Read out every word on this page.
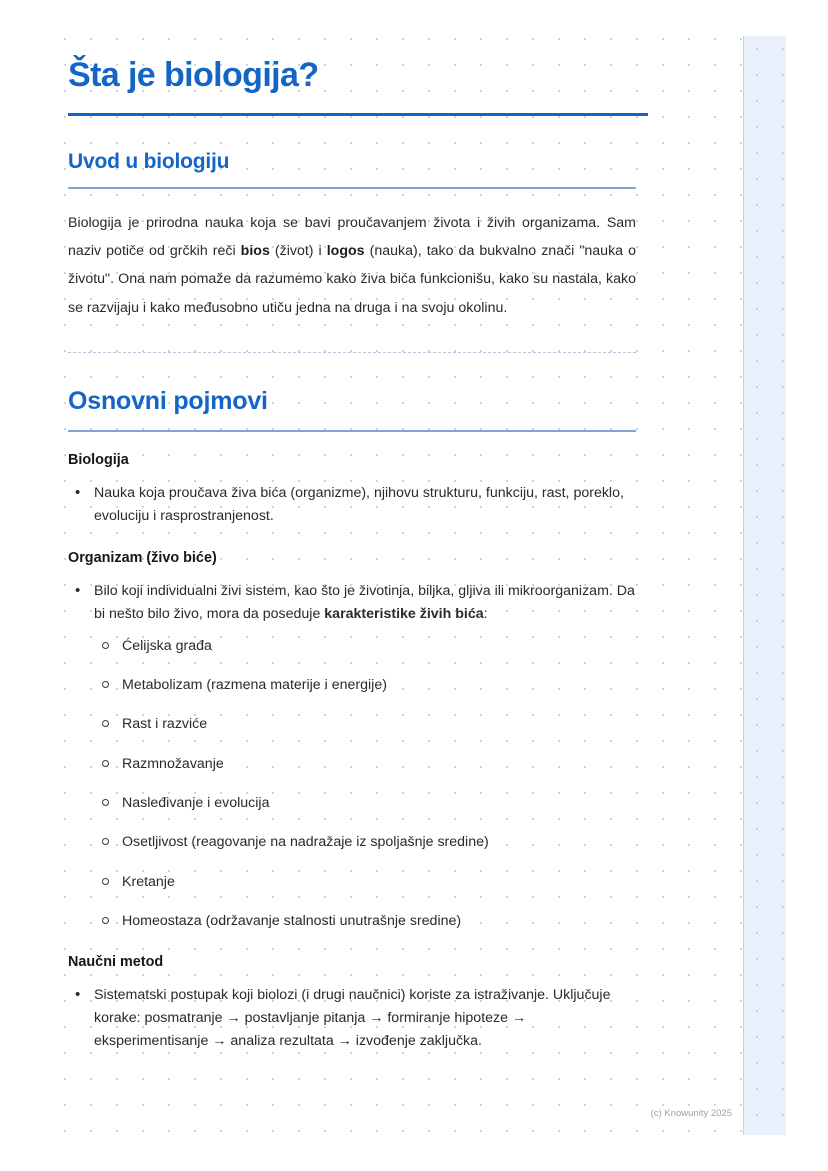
Šta je biologija?
Uvod u biologiju

Biologija je prirodna nauka koja se bavi proučavanjem života i živih organizama. Sam naziv potiče od grčkih reči bios (život) i logos (nauka), tako da bukvalno znači "nauka o životu". Ona nam pomaže da razumemo kako živa bića funkcionišu, kako su nastala, kako se razvijaju i kako međusobno utiču jedna na druga i na svoju okolinu.

Osnovni pojmovi
Biologija
• Nauka koja proučava živa bića (organizme), njihovu strukturu, funkciju, rast, poreklo, evoluciju i rasprostranjenost.
Organizam (živo biće)
• Bilo koji individualni živi sistem, kao što je životinja, biljka, gljiva ili mikroorganizam. Da bi nešto bilo živo, mora da poseduje karakteristike živih bića:
Ćelijska građa
Metabolizam (razmena materije i energije)
Rast i razviće
Razmnožavanje
Nasleđivanje i evolucija
Osetljivost (reagovanje na nadražaje iz spoljašnje sredine)
Kretanje
Homeostaza (održavanje stalnosti unutrašnje sredine)
Naučni metod
• Sistematski postupak koji biolozi (i drugi naučnici) koriste za istraživanje. Uključuje korake: posmatranje → postavljanje pitanja → formiranje hipoteze → eksperimentisanje → analiza rezultata → izvođenje zaključka.
(c) Knowunity 2025
